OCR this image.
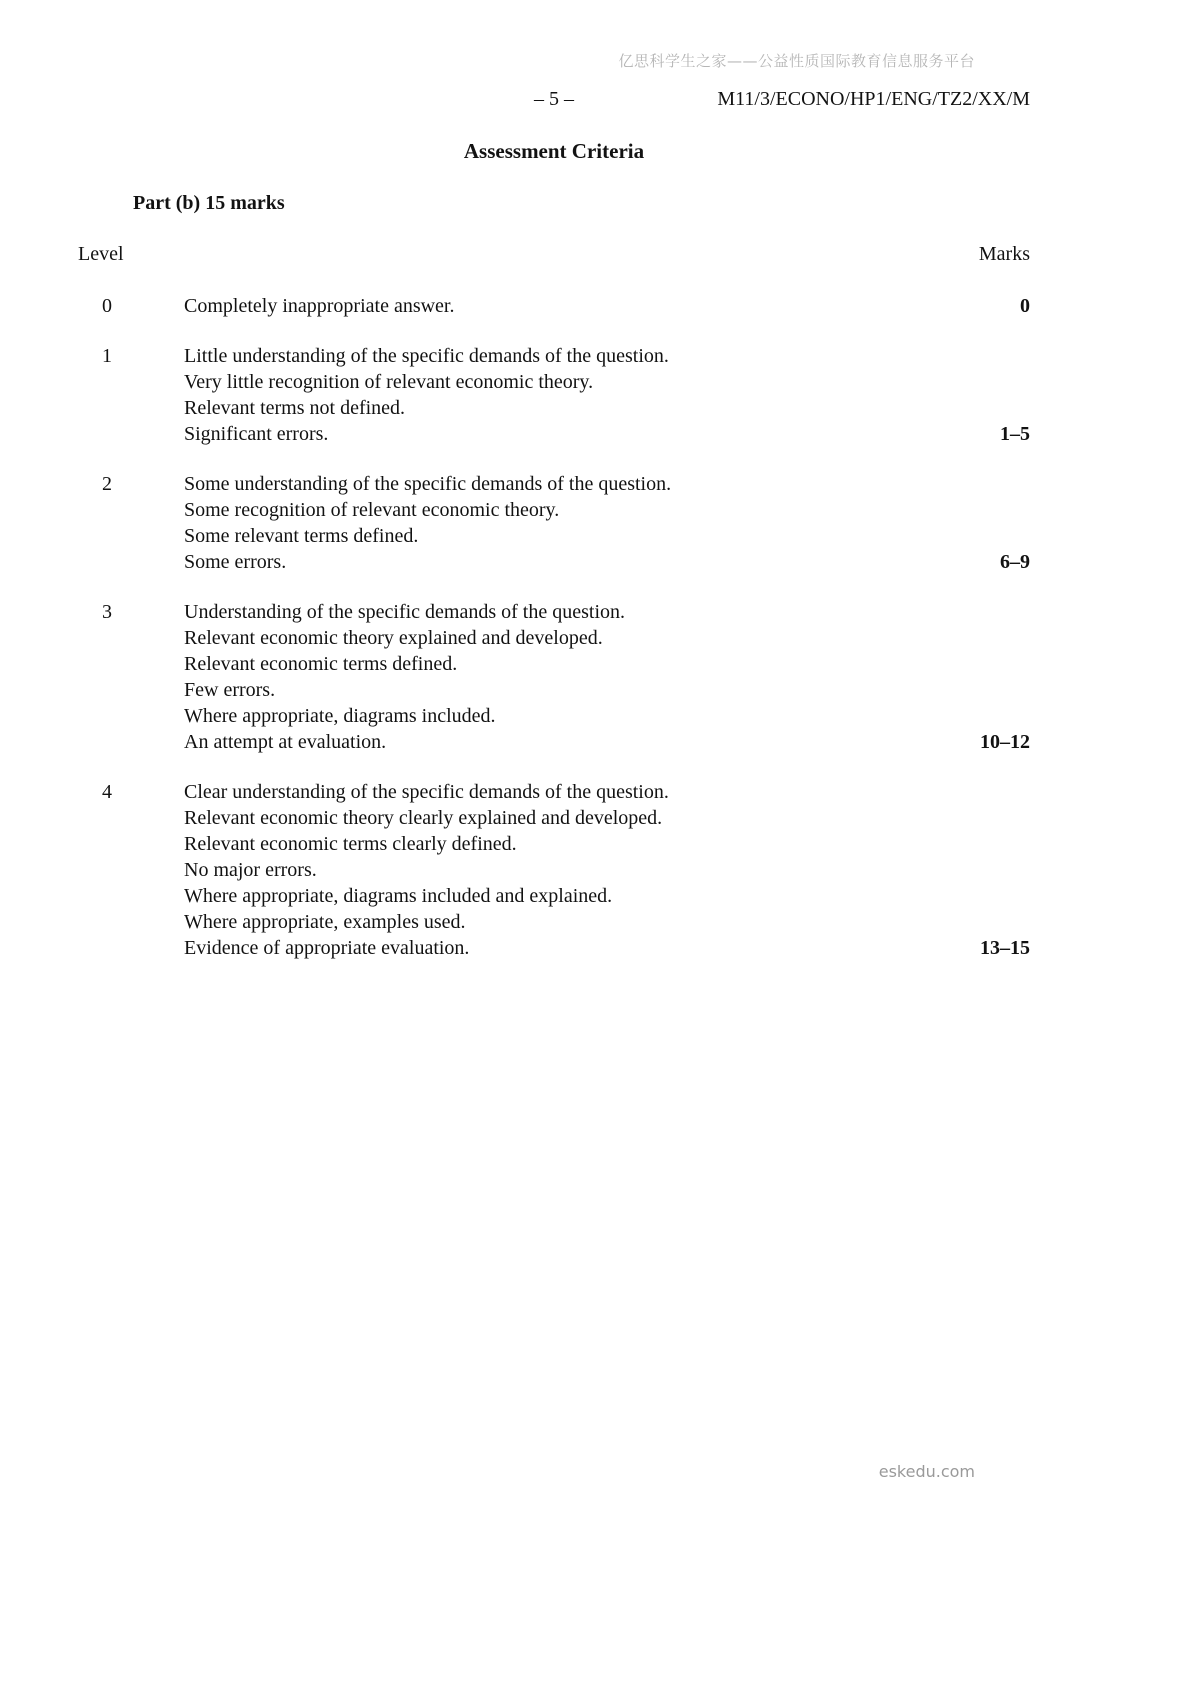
亿思科学生之家——公益性质国际教育信息服务平台
– 5 –	M11/3/ECONO/HP1/ENG/TZ2/XX/M
Assessment Criteria
Part (b) 15 marks
Level	Marks
0	Completely inappropriate answer.	0
1	Little understanding of the specific demands of the question.
Very little recognition of relevant economic theory.
Relevant terms not defined.
Significant errors.	1–5
2	Some understanding of the specific demands of the question.
Some recognition of relevant economic theory.
Some relevant terms defined.
Some errors.	6–9
3	Understanding of the specific demands of the question.
Relevant economic theory explained and developed.
Relevant economic terms defined.
Few errors.
Where appropriate, diagrams included.
An attempt at evaluation.	10–12
4	Clear understanding of the specific demands of the question.
Relevant economic theory clearly explained and developed.
Relevant economic terms clearly defined.
No major errors.
Where appropriate, diagrams included and explained.
Where appropriate, examples used.
Evidence of appropriate evaluation.	13–15
eskedu.com
